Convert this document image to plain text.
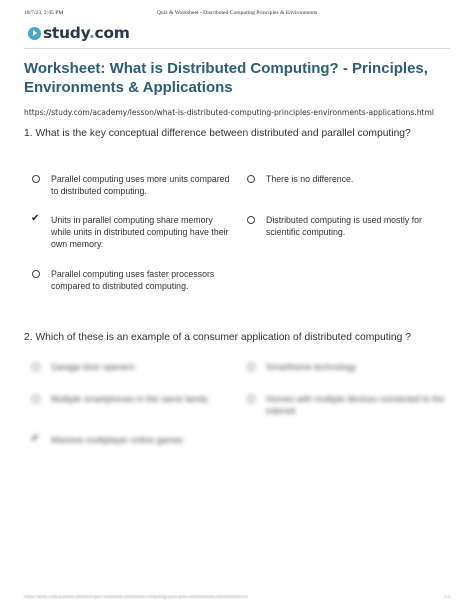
10/7/23, 2:45 PM	Quiz & Worksheet - Distributed Computing Principles & Environments
study.com
Worksheet: What is Distributed Computing? - Principles, Environments & Applications
https://study.com/academy/lesson/what-is-distributed-computing-principles-environments-applications.html

1. What is the key conceptual difference between distributed and parallel computing?

Parallel computing uses more units compared to distributed computing.
There is no difference.
✔ Units in parallel computing share memory while units in distributed computing have their own memory.
Distributed computing is used mostly for scientific computing.
Parallel computing uses faster processors compared to distributed computing.

2. Which of these is an example of a consumer application of distributed computing ?

Garage door openers	Smarthome technology
Multiple smartphones in the same family	Homes with multiple devices connected to the internet
✔ Massive multiplayer online games
https://study.com/academy/practice/quiz-worksheet-distributed-computing-principles-environments.html#interactive	1/3
